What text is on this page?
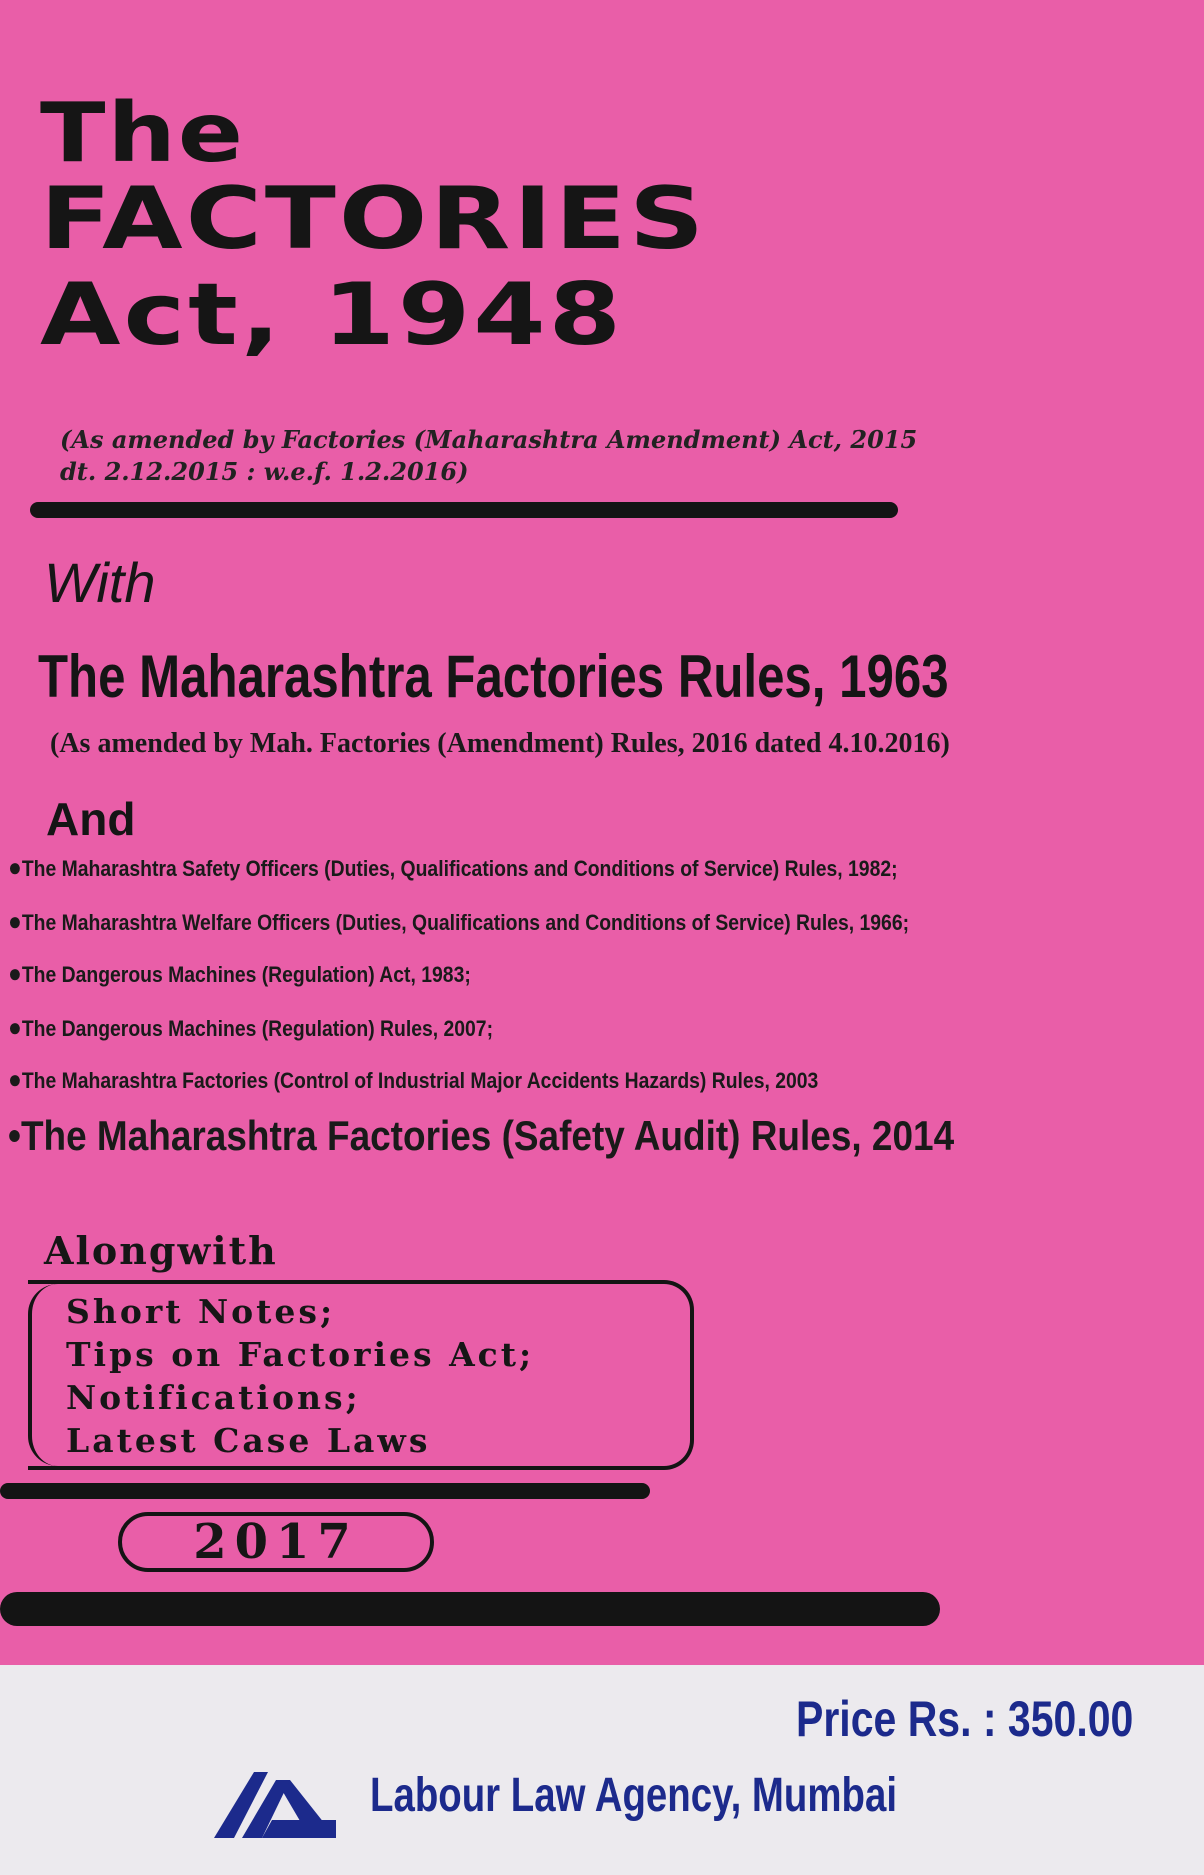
The
FACTORIES
Act, 1948

(As amended by Factories (Maharashtra Amendment) Act, 2015
dt. 2.12.2015 : w.e.f. 1.2.2016)

With
The Maharashtra Factories Rules, 1963

(As amended by Mah. Factories (Amendment) Rules, 2016 dated 4.10.2016)

And
●The Maharashtra Safety Officers (Duties, Qualifications and Conditions of Service) Rules, 1982;
●The Maharashtra Welfare Officers (Duties, Qualifications and Conditions of Service) Rules, 1966;
●The Dangerous Machines (Regulation) Act, 1983;
●The Dangerous Machines (Regulation) Rules, 2007;
●The Maharashtra Factories (Control of Industrial Major Accidents Hazards) Rules, 2003
•The Maharashtra Factories (Safety Audit) Rules, 2014
Alongwith
Short Notes;
Tips on Factories Act;
Notifications;
Latest Case Laws
2017

Price Rs. : 350.00

Labour Law Agency, Mumbai
